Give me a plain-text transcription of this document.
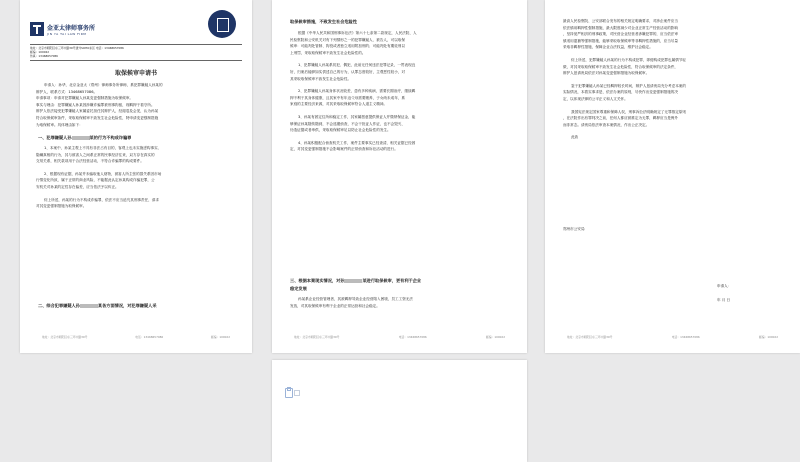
金亚太律师事务所
JIN YA TAI LAW FIRM
地址：北京市朝阳区东三环中路39号建外SOHO东区 电话：13468657086
邮编：100022
传真：13468657086
取保候审申请书
申请人：孙华，北京金亚太（郑州）律师事务所律师，系犯罪嫌疑人孙某的
辩护人，联系方式：13468657086。
申请事项：申请对犯罪嫌疑人孙某变更强制措施为取保候审。
事实与理由：犯罪嫌疑人孙某因涉嫌诈骗罪被刑事拘留，现羁押于看守所。
辩护人依法接受犯罪嫌疑人家属委托担任其辩护人，经阅卷及会见，认为孙某
符合取保候审条件，采取取保候审不致发生社会危险性，特申请变更强制措施
为取保候审。具体理由如下：
一、犯罪嫌疑人孙	某的行为不构成诈骗罪
1、本案中，孙某主观上不具有非法占有目的，客观上也未实施虚构事实、
隐瞒真相的行为，其与被害人之间系正常的民事经济往来，双方存在真实的
交易关系，相关款项用于合法经营活动，不符合诈骗罪的构成要件。
2、根据现有证据，孙某并未骗取他人财物，被害人所主张的损失系因市场
行情变化所致，属于正常的商业风险，不能据此认定孙某构成诈骗犯罪，公
安机关对孙某的定性存在偏差，应当依法予以纠正。
综上所述，孙某的行为不构成诈骗罪，依法不应当追究其刑事责任，请求
对其变更强制措施为取保候审。
二、综合犯罪嫌疑人孙	某各方面情况，对犯罪嫌疑人采
地址：北京市朝阳区东三环中路39号	电话：13468657086	邮编：100022
取保候审措施，不致发生社会危险性
根据《中华人民共和国刑事诉讼法》第六十七条第二款规定，人民法院、人
民检察院和公安机关对有下列情形之一的犯罪嫌疑人、被告人，可以取保
候审：可能判处管制、拘役或者独立适用附加刑的；可能判处有期徒刑以
上刑罚，采取取保候审不致发生社会危险性的。
1、犯罪嫌疑人孙某系初犯、偶犯，此前无任何违法犯罪记录，一贯表现良
好，归案后能够如实供述自己的行为，认罪态度较好，主观恶性较小，对
其采取取保候审不致发生社会危险性。
2、犯罪嫌疑人孙某身体状况较差，患有多种疾病，需要长期治疗，继续羁
押不利于其身体健康，且其家中有年迈父母需要赡养，子女尚未成年，系
家庭的主要经济来源，对其采取取保候审符合人道主义精神。
3、孙某有固定住所和稳定工作，其家属愿意提供保证人并缴纳保证金，能
够保证孙某随传随到，不会逃避侦查，不会干扰证人作证，也不会毁灭、
伪造证据或者串供，采取取保候审足以防止社会危险性的发生。
4、孙某积极配合侦查机关工作，案件主要事实已经查清，相关证据已经固
定，对其变更强制措施不会影响案件的正常侦查和诉讼活动的进行。
三、根据本案现实情况，对孙	某进行取保候审，更有利于企业
稳定发展
孙某系企业经营管理者，其被羁押导致企业经营陷入困境，员工工资无法
发放，对其取保候审有利于企业的正常运营和社会稳定。
地址：北京市朝阳区东三环中路39号	电话：13468657086	邮编：100022
最高人民检察院、公安部联合发布的相关规定明确要求，对涉企案件应当
依法慎用羁押性强制措施，最大限度减少对企业正常生产经营活动的影响
，坚持宽严相济的刑事政策，对民营企业经营者涉嫌犯罪的，应当依法审
慎适用逮捕等强制措施，能够采取取保候审等非羁押性措施的，应当尽量
采取非羁押性措施，保障企业合法权益，维护社会稳定。
综上所述，犯罪嫌疑人孙某的行为不构成犯罪，即便构成犯罪也属情节轻
微，对其采取取保候审不致发生社会危险性，符合取保候审的法定条件，
辩护人恳请贵局依法对孙某变更强制措施为取保候审。
鉴于犯罪嫌疑人孙某已经羁押较长时间，辩护人恳请贵局充分考虑本案的
实际情况，本着实事求是、依法办案的原则，尽快作出变更强制措施的决
定，以体现法律的公平正义和人文关怀。
我国宪法规定国家尊重和保障人权，刑事诉讼法明确规定了无罪推定原则
，在法院作出有罪判决之前，任何人都应被推定为无罪，羁押应当是例外
而非常态。请贵局依法审查本案情况，作出公正决定。
此致
郑州市公安局
申请人：
年 月 日
地址：北京市朝阳区东三环中路39号	电话：13468657086	邮编：100022
